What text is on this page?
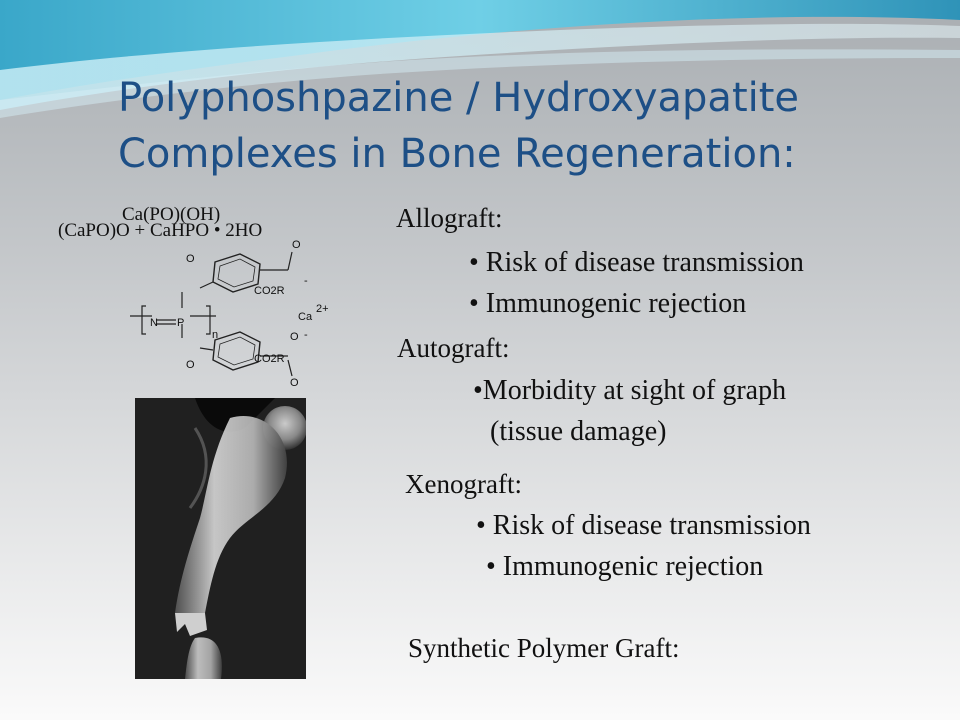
Polyphoshpazine / Hydroxyapatite
Complexes in Bone Regeneration:
Ca(PO)(OH)
(CaPO)O + CaHPO • 2HO
O
CO2R
O
-
N P
n
Ca
2+
O	CO2R
O -
O
Allograft:
• Risk of disease transmission
• Immunogenic rejection
Autograft:
•Morbidity at sight of graph
(tissue damage)
Xenograft:
• Risk of disease transmission
• Immunogenic rejection
Synthetic Polymer Graft:
